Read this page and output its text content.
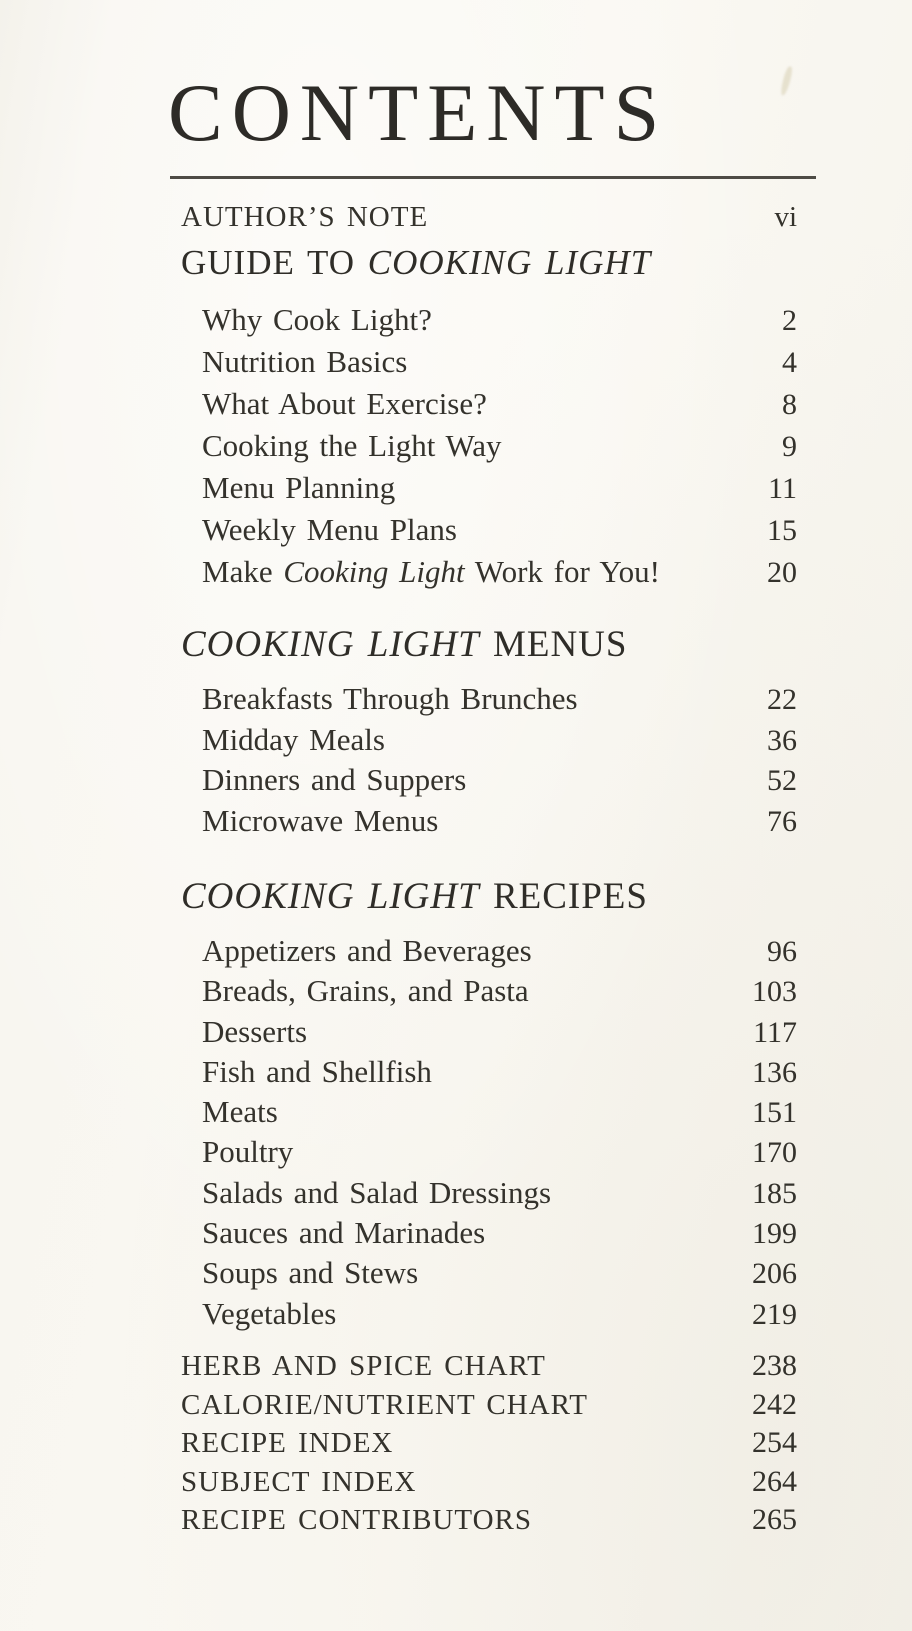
CONTENTS
AUTHOR’S NOTE	vi
GUIDE TO COOKING LIGHT
Why Cook Light?	2
Nutrition Basics	4
What About Exercise?	8
Cooking the Light Way	9
Menu Planning	11
Weekly Menu Plans	15
Make Cooking Light Work for You!	20
COOKING LIGHT MENUS
Breakfasts Through Brunches	22
Midday Meals	36
Dinners and Suppers	52
Microwave Menus	76
COOKING LIGHT RECIPES
Appetizers and Beverages	96
Breads, Grains, and Pasta	103
Desserts	117
Fish and Shellfish	136
Meats	151
Poultry	170
Salads and Salad Dressings	185
Sauces and Marinades	199
Soups and Stews	206
Vegetables	219
HERB AND SPICE CHART	238
CALORIE/NUTRIENT CHART	242
RECIPE INDEX	254
SUBJECT INDEX	264
RECIPE CONTRIBUTORS	265
